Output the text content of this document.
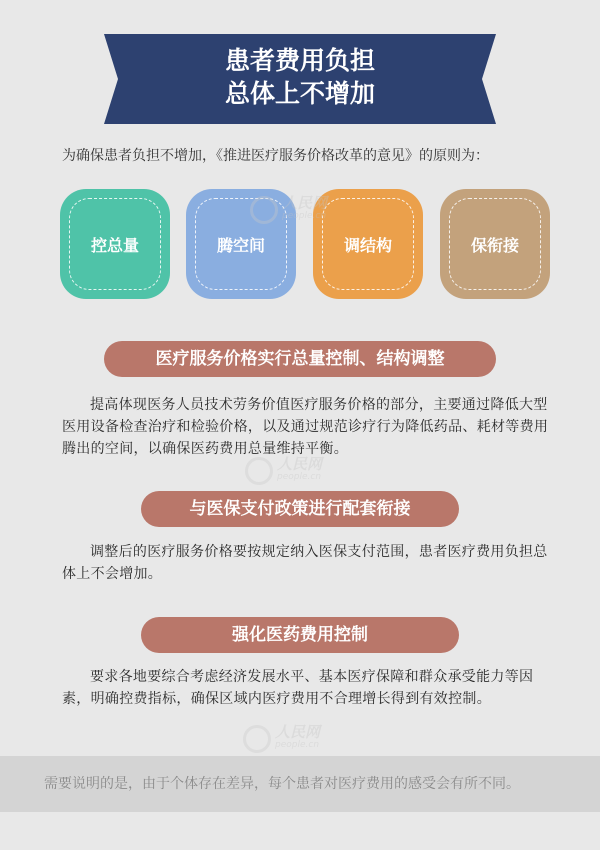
患者费用负担
总体上不增加
为确保患者负担不增加，《推进医疗服务价格改革的意见》的原则为：
控总量	腾空间	调结构	保衔接
人民网
people.cn
医疗服务价格实行总量控制、结构调整
提高体现医务人员技术劳务价值医疗服务价格的部分，主要通过降低大型医用设备检查治疗和检验价格，以及通过规范诊疗行为降低药品、耗材等费用腾出的空间，以确保医药费用总量维持平衡。
人民网
people.cn
与医保支付政策进行配套衔接
调整后的医疗服务价格要按规定纳入医保支付范围，患者医疗费用负担总体上不会增加。
强化医药费用控制
要求各地要综合考虑经济发展水平、基本医疗保障和群众承受能力等因素，明确控费指标，确保区域内医疗费用不合理增长得到有效控制。
人民网
people.cn
需要说明的是，由于个体存在差异，每个患者对医疗费用的感受会有所不同。
